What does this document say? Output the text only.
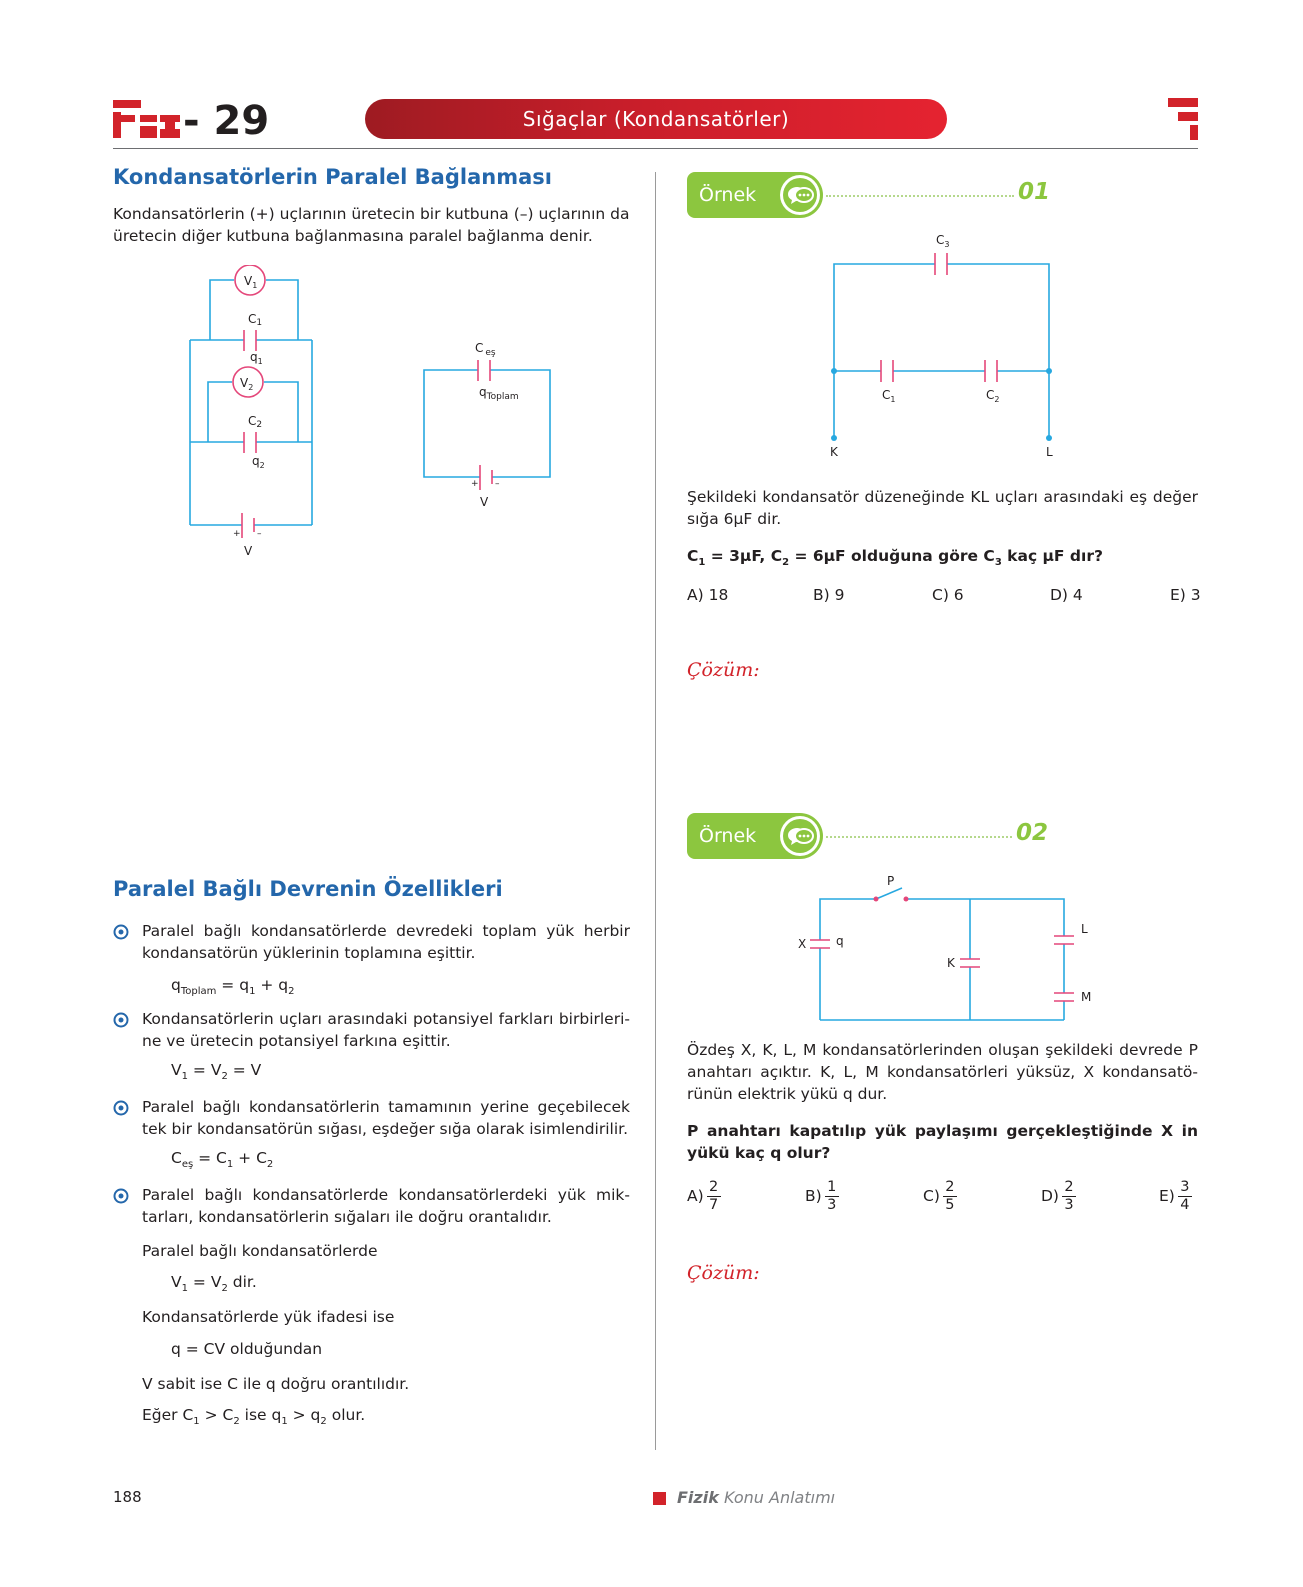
- 29	Sığaçlar (Kondansatörler)
Kondansatörlerin Paralel Bağlanması

Kondansatörlerin (+) uçlarının üretecin bir kutbuna (–) uçlarının da üretecin diğer kutbuna bağlanmasına paralel bağlanma denir.

$V_1$
C1
$q_1$
$V_2$
C2
$q_2$
+ –
V
C $_{eş}$
$q_{Toplam}$
+ –
V
Paralel Bağlı Devrenin Özellikleri

Paralel bağlı kondansatörlerde devredeki toplam yük herbir kondansatörün yüklerinin toplamına eşittir.

$q_{Toplam} = q_1 + q_2$

Kondansatörlerin uçları arasındaki potansiyel farkları birbirlerine ve üretecin potansiyel farkına eşittir.

$V_1 = V_2 = V$

Paralel bağlı kondansatörlerin tamamının yerine geçebilecek tek bir kondansatörün sığası, eşdeğer sığa olarak isimlendirilir.

$C_{eş} = C_1 + C_2$

Paralel bağlı kondansatörlerde kondansatörlerdeki yük miktarları, kondansatörlerin sığaları ile doğru orantalıdır.

Paralel bağlı kondansatörlerde

$V_1 = V_2$ dir.

Kondansatörlerde yük ifadesi ise

q = CV olduğundan

V sabit ise C ile q doğru orantılıdır.

Eğer $C_1 > C_2$ ise $q_1 > q_2$ olur.
Örnek	01
$C_3$
$C_1$	$C_2$
K	L

Şekildeki kondansatör düzeneğinde KL uçları arasındaki eş değer sığa 6µF dir.

$C_1 = 3\mu F$, $C_2 = 6\mu F$ olduğuna göre $C_3$ kaç µF dır?

A) 18	B) 9	C) 6	D) 4	E) 3
Çözüm:
Örnek	02
P
X q
K
L
M

Özdeş X, K, L, M kondansatörlerinden oluşan şekildeki devrede P anahtarı açıktır. K, L, M kondansatörleri yüksüz, X kondansatörünün elektrik yükü q dur.

P anahtarı kapatılıp yük paylaşımı gerçekleştiğinde X in yükü kaç q olur?

$A) \frac{2}{7}$	$B) \frac{1}{3}$	$C) \frac{2}{5}$	$D) \frac{2}{3}$	$E) \frac{3}{4}$
Çözüm:
188	Fizik Konu Anlatımı
